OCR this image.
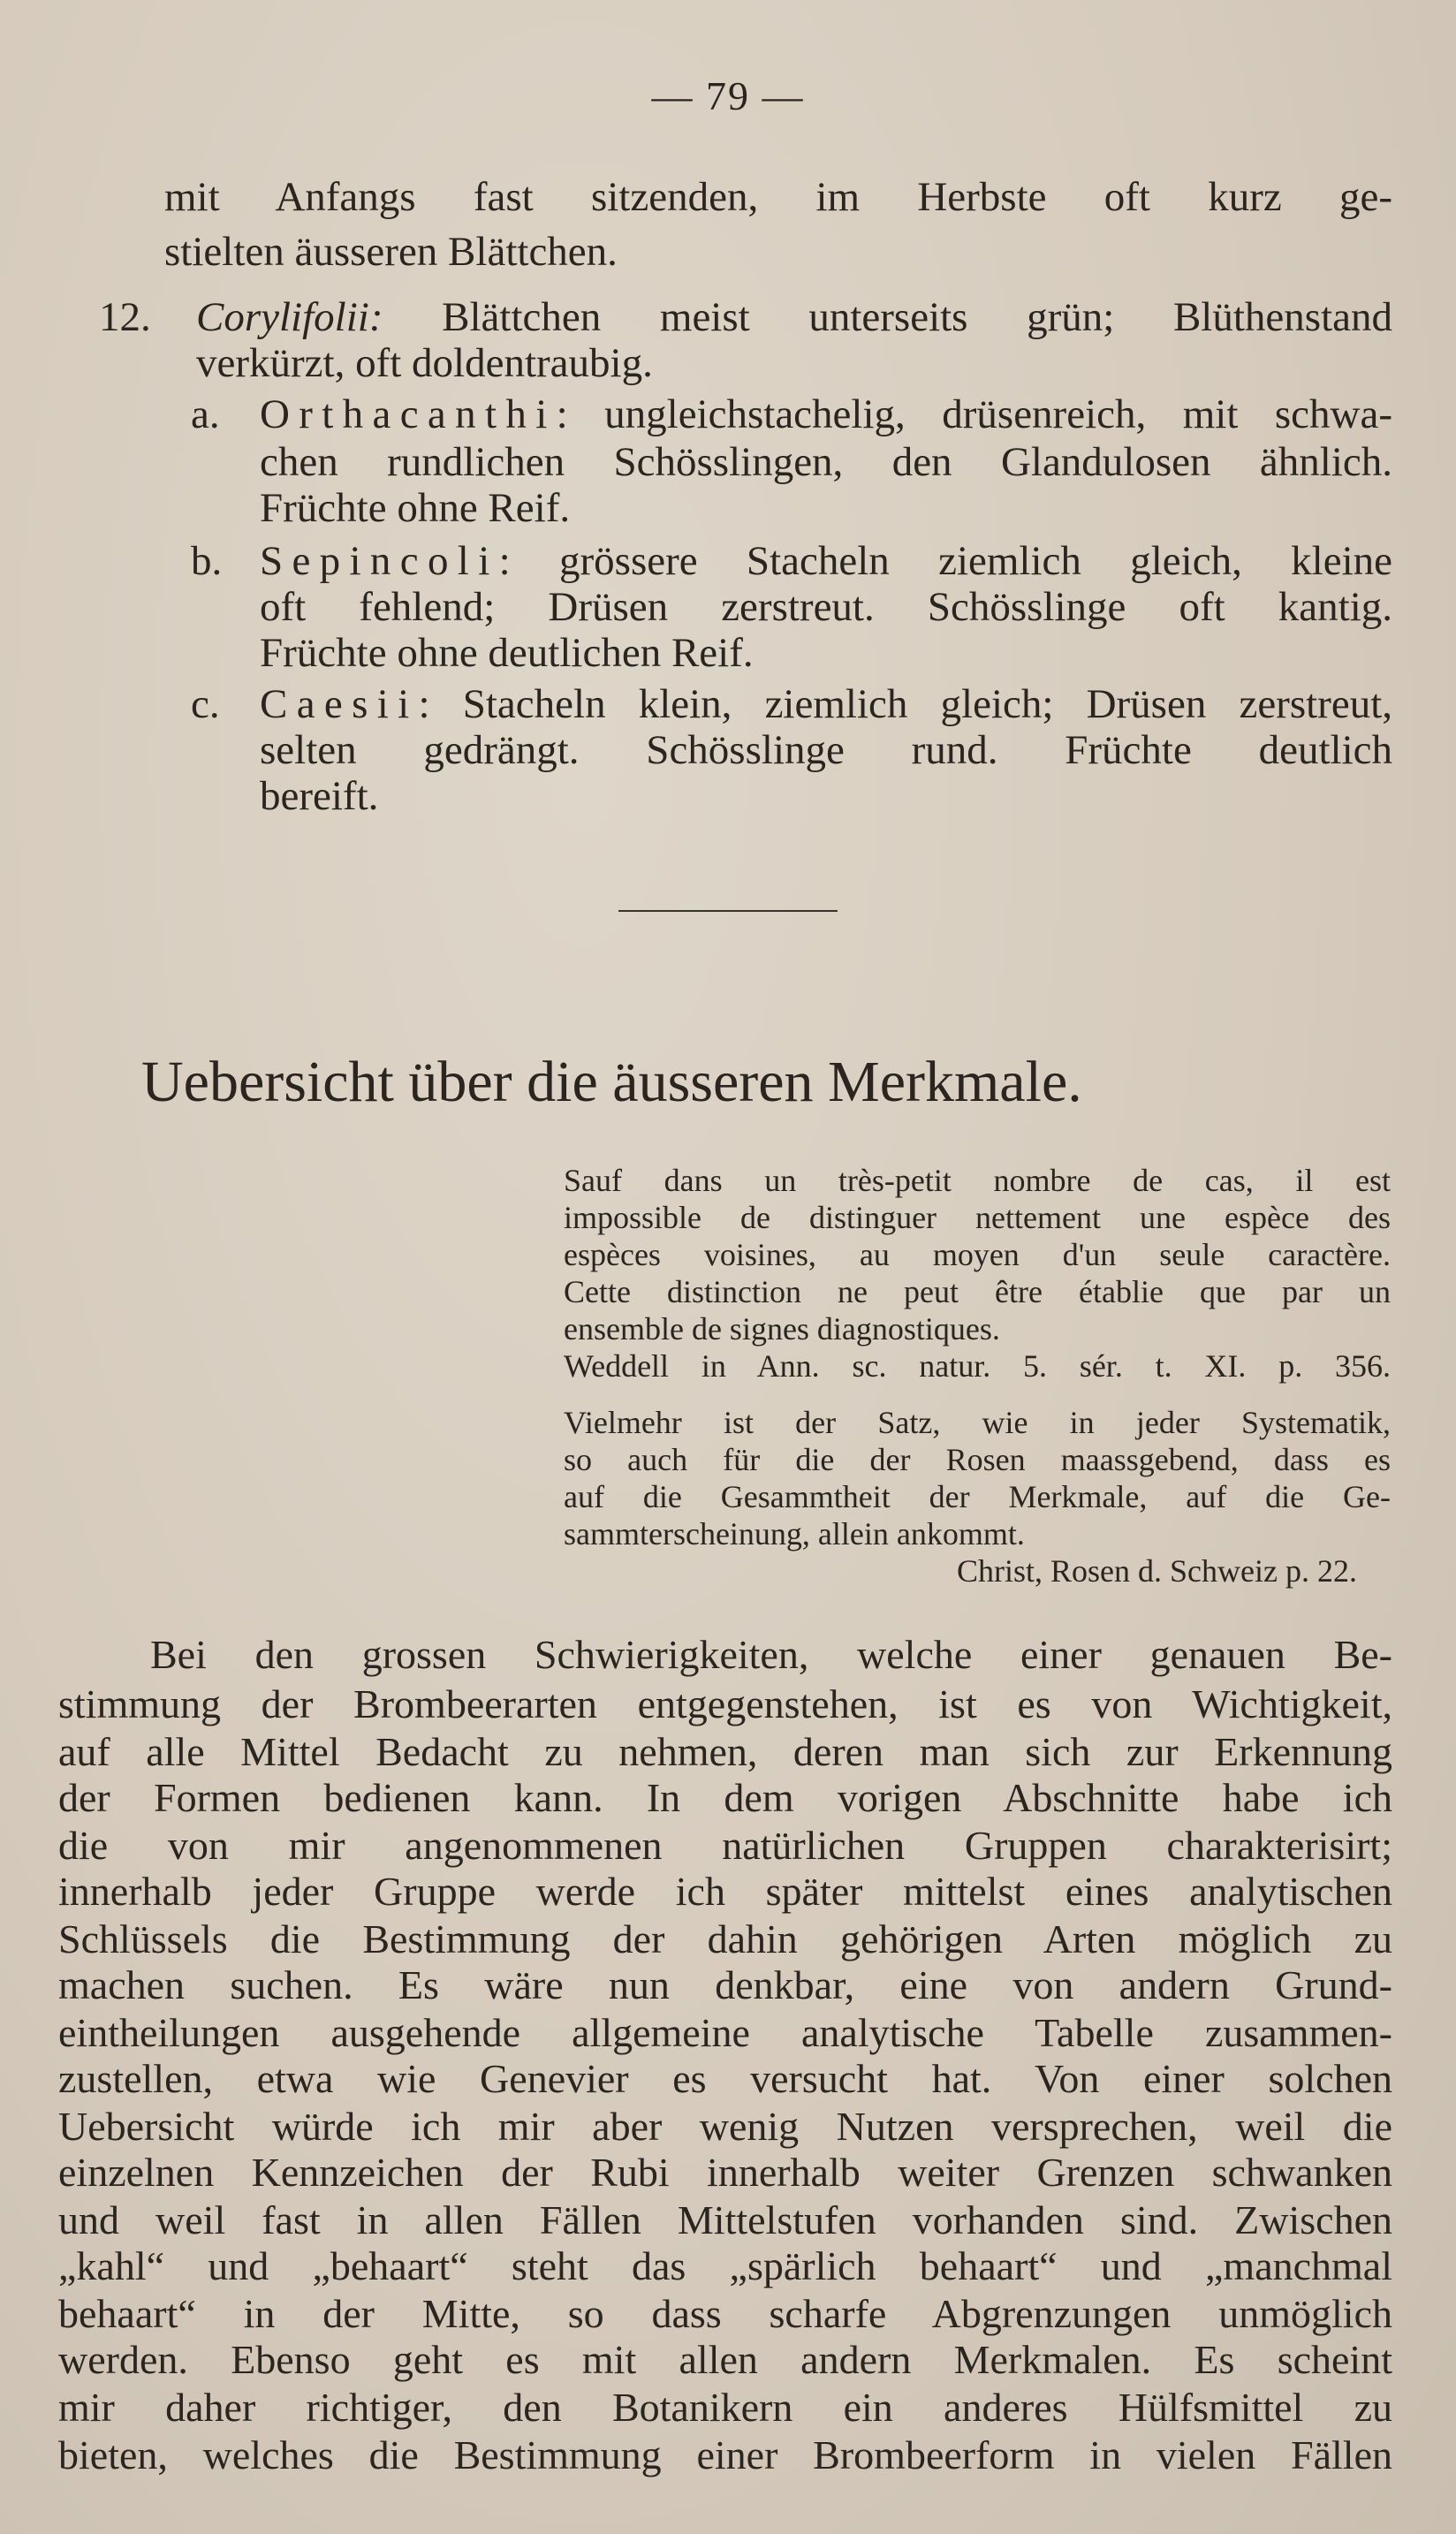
— 79 —
mit Anfangs fast sitzenden, im Herbste oft kurz ge-
stielten äusseren Blättchen.
12. Corylifolii: Blättchen meist unterseits grün; Blüthenstand
verkürzt, oft doldentraubig.
a. Orthacanthi : ungleichstachelig, drüsenreich, mit schwa-
chen rundlichen Schösslingen, den Glandulosen ähnlich.
Früchte ohne Reif.
b. Sepincoli : grössere Stacheln ziemlich gleich, kleine
oft fehlend; Drüsen zerstreut. Schösslinge oft kantig.
Früchte ohne deutlichen Reif.
c. Caesii : Stacheln klein, ziemlich gleich; Drüsen zerstreut,
selten gedrängt. Schösslinge rund. Früchte deutlich
bereift.
Uebersicht über die äusseren Merkmale.
Sauf dans un très-petit nombre de cas, il est
impossible de distinguer nettement une espèce des
espèces voisines, au moyen d'un seule caractère.
Cette distinction ne peut être établie que par un
ensemble de signes diagnostiques.
Weddell in Ann. sc. natur. 5. sér. t. XI. p. 356.
Vielmehr ist der Satz, wie in jeder Systematik,
so auch für die der Rosen maassgebend, dass es
auf die Gesammtheit der Merkmale, auf die Ge-
sammterscheinung, allein ankommt.
Christ, Rosen d. Schweiz p. 22.
Bei den grossen Schwierigkeiten, welche einer genauen Be-
stimmung der Brombeerarten entgegenstehen, ist es von Wichtigkeit,
auf alle Mittel Bedacht zu nehmen, deren man sich zur Erkennung
der Formen bedienen kann. In dem vorigen Abschnitte habe ich
die von mir angenommenen natürlichen Gruppen charakterisirt;
innerhalb jeder Gruppe werde ich später mittelst eines analytischen
Schlüssels die Bestimmung der dahin gehörigen Arten möglich zu
machen suchen. Es wäre nun denkbar, eine von andern Grund-
eintheilungen ausgehende allgemeine analytische Tabelle zusammen-
zustellen, etwa wie Genevier es versucht hat. Von einer solchen
Uebersicht würde ich mir aber wenig Nutzen versprechen, weil die
einzelnen Kennzeichen der Rubi innerhalb weiter Grenzen schwanken
und weil fast in allen Fällen Mittelstufen vorhanden sind. Zwischen
„kahl“ und „behaart“ steht das „spärlich behaart“ und „manchmal
behaart“ in der Mitte, so dass scharfe Abgrenzungen unmöglich
werden. Ebenso geht es mit allen andern Merkmalen. Es scheint
mir daher richtiger, den Botanikern ein anderes Hülfsmittel zu
bieten, welches die Bestimmung einer Brombeerform in vielen Fällen
